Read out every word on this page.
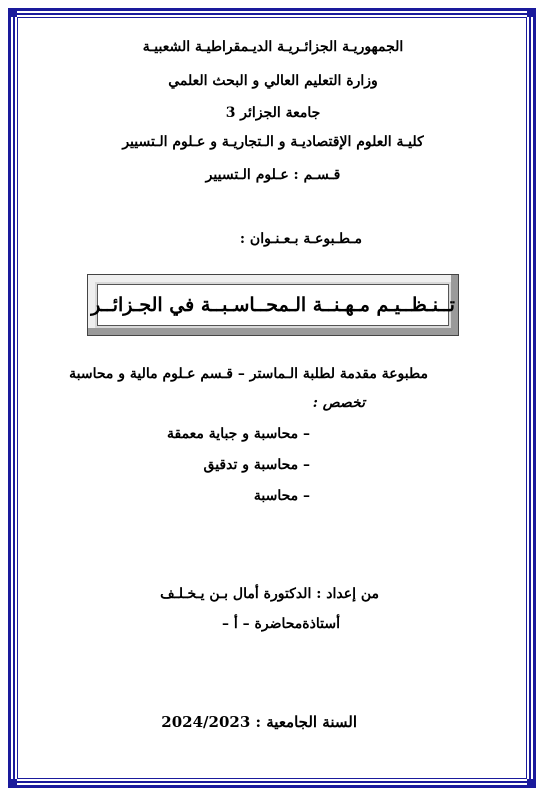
الجمهوريـة الجزائـريـة الديـمقراطيـة الشعبيـة
وزارة التعليم العالي و البحث العلمي
جامعة الجزائر 3
كليـة العلوم الإقتصاديـة و الـتجاريـة و عـلوم الـتسيير
قـسـم : عـلوم الـتسيير
مـطـبوعـة بـعـنـوان :
تــنـظــيـم مـهـنــة الـمحــاسـبــة في الجـزائــر
مطبوعة مقدمة لطلبة الـماستر – قـسم عـلوم مالية و محاسبة
تخصص :
– محاسبة و جباية معمقة
– محاسبة و تدقيق
– محاسبة
من إعداد : الدكتورة أمال بـن يـخـلـف
أستاذةمحاضرة – أ –
السنة الجامعية : 2024/2023
